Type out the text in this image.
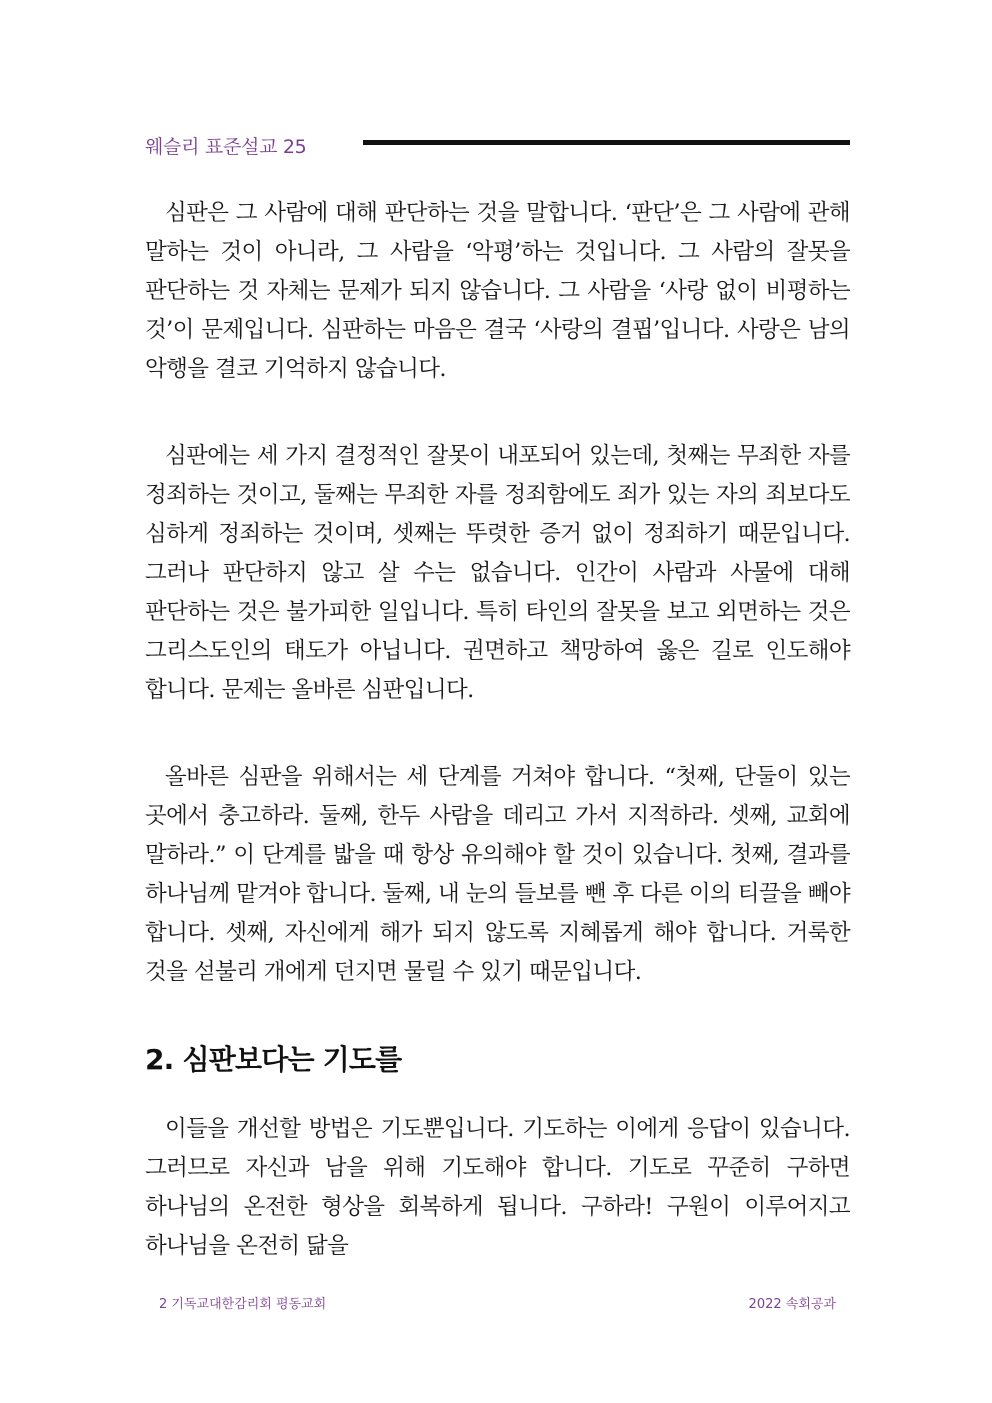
웨슬리 표준설교 25

심판은 그 사람에 대해 판단하는 것을 말합니다. ‘판단’은 그 사람에 관해 말하는 것이 아니라, 그 사람을 ‘악평’하는 것입니다. 그 사람의 잘못을 판단하는 것 자체는 문제가 되지 않습니다. 그 사람을 ‘사랑 없이 비평하는 것’이 문제입니다. 심판하는 마음은 결국 ‘사랑의 결핍’입니다. 사랑은 남의 악행을 결코 기억하지 않습니다.

심판에는 세 가지 결정적인 잘못이 내포되어 있는데, 첫째는 무죄한 자를 정죄하는 것이고, 둘째는 무죄한 자를 정죄함에도 죄가 있는 자의 죄보다도 심하게 정죄하는 것이며, 셋째는 뚜렷한 증거 없이 정죄하기 때문입니다. 그러나 판단하지 않고 살 수는 없습니다. 인간이 사람과 사물에 대해 판단하는 것은 불가피한 일입니다. 특히 타인의 잘못을 보고 외면하는 것은 그리스도인의 태도가 아닙니다. 권면하고 책망하여 옳은 길로 인도해야 합니다. 문제는 올바른 심판입니다.

올바른 심판을 위해서는 세 단계를 거쳐야 합니다. “첫째, 단둘이 있는 곳에서 충고하라. 둘째, 한두 사람을 데리고 가서 지적하라. 셋째, 교회에 말하라.” 이 단계를 밟을 때 항상 유의해야 할 것이 있습니다. 첫째, 결과를 하나님께 맡겨야 합니다. 둘째, 내 눈의 들보를 뺀 후 다른 이의 티끌을 빼야 합니다. 셋째, 자신에게 해가 되지 않도록 지혜롭게 해야 합니다. 거룩한 것을 섣불리 개에게 던지면 물릴 수 있기 때문입니다.

2. 심판보다는 기도를

이들을 개선할 방법은 기도뿐입니다. 기도하는 이에게 응답이 있습니다. 그러므로 자신과 남을 위해 기도해야 합니다. 기도로 꾸준히 구하면 하나님의 온전한 형상을 회복하게 됩니다. 구하라! 구원이 이루어지고 하나님을 온전히 닮을

2 기독교대한감리회 평동교회	2022 속회공과
